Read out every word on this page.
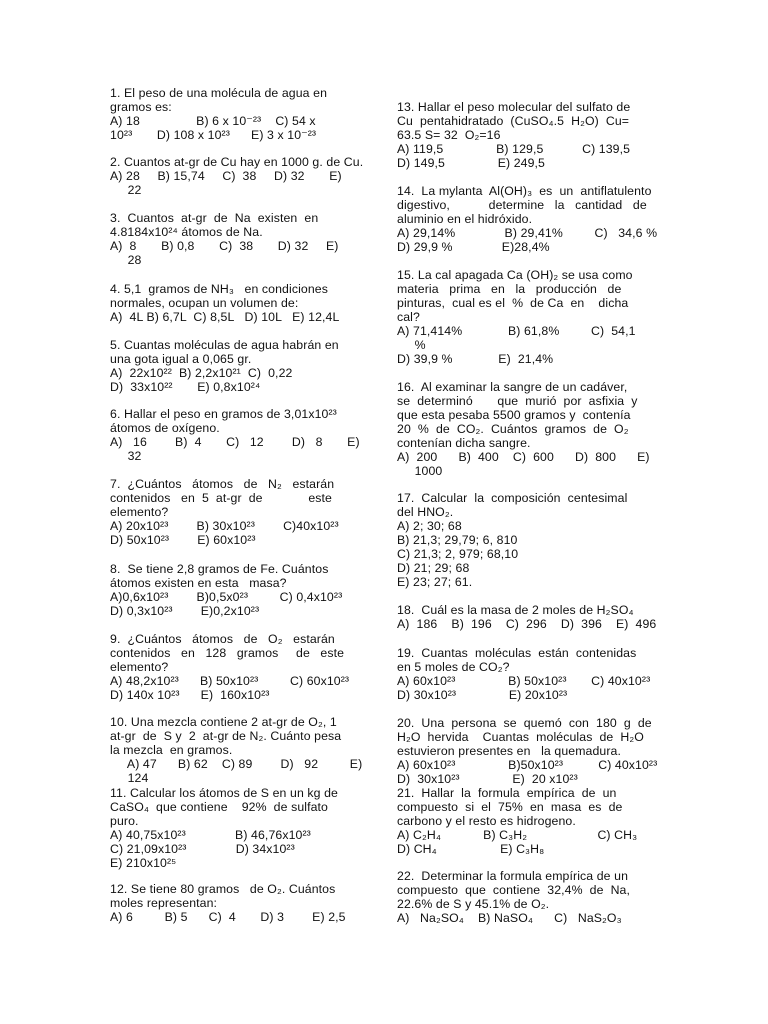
1. El peso de una molécula de agua en
gramos es:
A) 18                B) 6 x 10⁻²³    C) 54 x
10²³       D) 108 x 10²³      E) 3 x 10⁻²³
2. Cuantos at-gr de Cu hay en 1000 g. de Cu.
A) 28     B) 15,74     C)  38     D) 32       E)
22
3.  Cuantos  at-gr  de  Na  existen  en
4.8184x10²⁴ átomos de Na.
A)  8       B) 0,8       C)  38       D) 32     E)
28
4. 5,1  gramos de NH₃   en condiciones
normales, ocupan un volumen de:
A)  4L B) 6,7L  C) 8,5L   D) 10L   E) 12,4L
5. Cuantas moléculas de agua habrán en
una gota igual a 0,065 gr.
A)  22x10²²  B) 2,2x10²¹  C)  0,22
D)  33x10²²       E) 0,8x10²⁴
6. Hallar el peso en gramos de 3,01x10²³
átomos de oxígeno.
A)   16        B)  4       C)   12        D)   8       E)
32
7.  ¿Cuántos   átomos   de   N₂   estarán
contenidos   en  5  at-gr  de             este
elemento?
A) 20x10²³        B) 30x10²³        C)40x10²³
D) 50x10²³        E) 60x10²³
8.  Se tiene 2,8 gramos de Fe. Cuántos
átomos existen en esta   masa?
A)0,6x10²³        B)0,5x0²³         C) 0,4x10²³
D) 0,3x10²³        E)0,2x10²³
9.  ¿Cuántos   átomos   de   O₂   estarán
contenidos   en   128   gramos     de   este
elemento?
A) 48,2x10²³      B) 50x10²³         C) 60x10²³
D) 140x 10²³      E)  160x10²³
10. Una mezcla contiene 2 at-gr de O₂, 1
at-gr  de  S y  2  at-gr de N₂. Cuánto pesa
la mezcla  en gramos.
A) 47      B) 62    C) 89        D)   92         E)
124
11. Calcular los átomos de S en un kg de
CaSO₄  que contiene    92%  de sulfato
puro.
A) 40,75x10²³              B) 46,76x10²³
C) 21,09x10²³              D) 34x10²³
E) 210x10²⁵
12. Se tiene 80 gramos   de O₂. Cuántos
moles representan:
A) 6         B) 5      C)  4       D) 3        E) 2,5
13. Hallar el peso molecular del sulfato de
Cu  pentahidratado  (CuSO₄.5  H₂O)  Cu=
63.5 S= 32  O₂=16
A) 119,5               B) 129,5           C) 139,5
D) 149,5               E) 249,5
14.  La mylanta  Al(OH)₃  es  un  antiflatulento
digestivo,           determine   la   cantidad   de
aluminio en el hidróxido.
A) 29,14%              B) 29,41%         C)   34,6 %
D) 29,9 %              E)28,4%
15. La cal apagada Ca (OH)₂ se usa como
materia   prima   en   la   producción   de
pinturas,  cual es el  %  de Ca  en    dicha
cal?
A) 71,414%             B) 61,8%         C)  54,1
%
D) 39,9 %             E)  21,4%
16.  Al examinar la sangre de un cadáver,
se  determinó       que  murió  por  asfixia  y
que esta pesaba 5500 gramos y  contenía
20  %  de  CO₂.  Cuántos  gramos  de  O₂
contenían dicha sangre.
A)  200      B)  400    C)  600      D)  800      E)
1000
17.  Calcular  la  composición  centesimal
del HNO₂.
A) 2; 30; 68
B) 21,3; 29,79; 6, 810
C) 21,3; 2, 979; 68,10
D) 21; 29; 68
E) 23; 27; 61.
18.  Cuál es la masa de 2 moles de H₂SO₄
A)  186    B)  196    C)  296    D)  396    E)  496
19.  Cuantas  moléculas  están  contenidas
en 5 moles de CO₂?
A) 60x10²³               B) 50x10²³       C) 40x10²³
D) 30x10²³               E) 20x10²³
20.  Una  persona  se  quemó  con  180  g  de
H₂O  hervida    Cuantas  moléculas  de  H₂O
estuvieron presentes en   la quemadura.
A) 60x10²³               B)50x10²³          C) 40x10²³
D)  30x10²³               E)  20 x10²³
21.  Hallar  la  formula  empírica  de  un
compuesto  si  el  75%  en  masa  es  de
carbono y el resto es hidrogeno.
A) C₂H₄            B) C₃H₂                    C) CH₃
D) CH₄                  E) C₃H₈
22.  Determinar la formula empírica de un
compuesto  que  contiene  32,4%  de  Na,
22.6% de S y 45.1% de O₂.
A)   Na₂SO₄    B) NaSO₄      C)   NaS₂O₃
